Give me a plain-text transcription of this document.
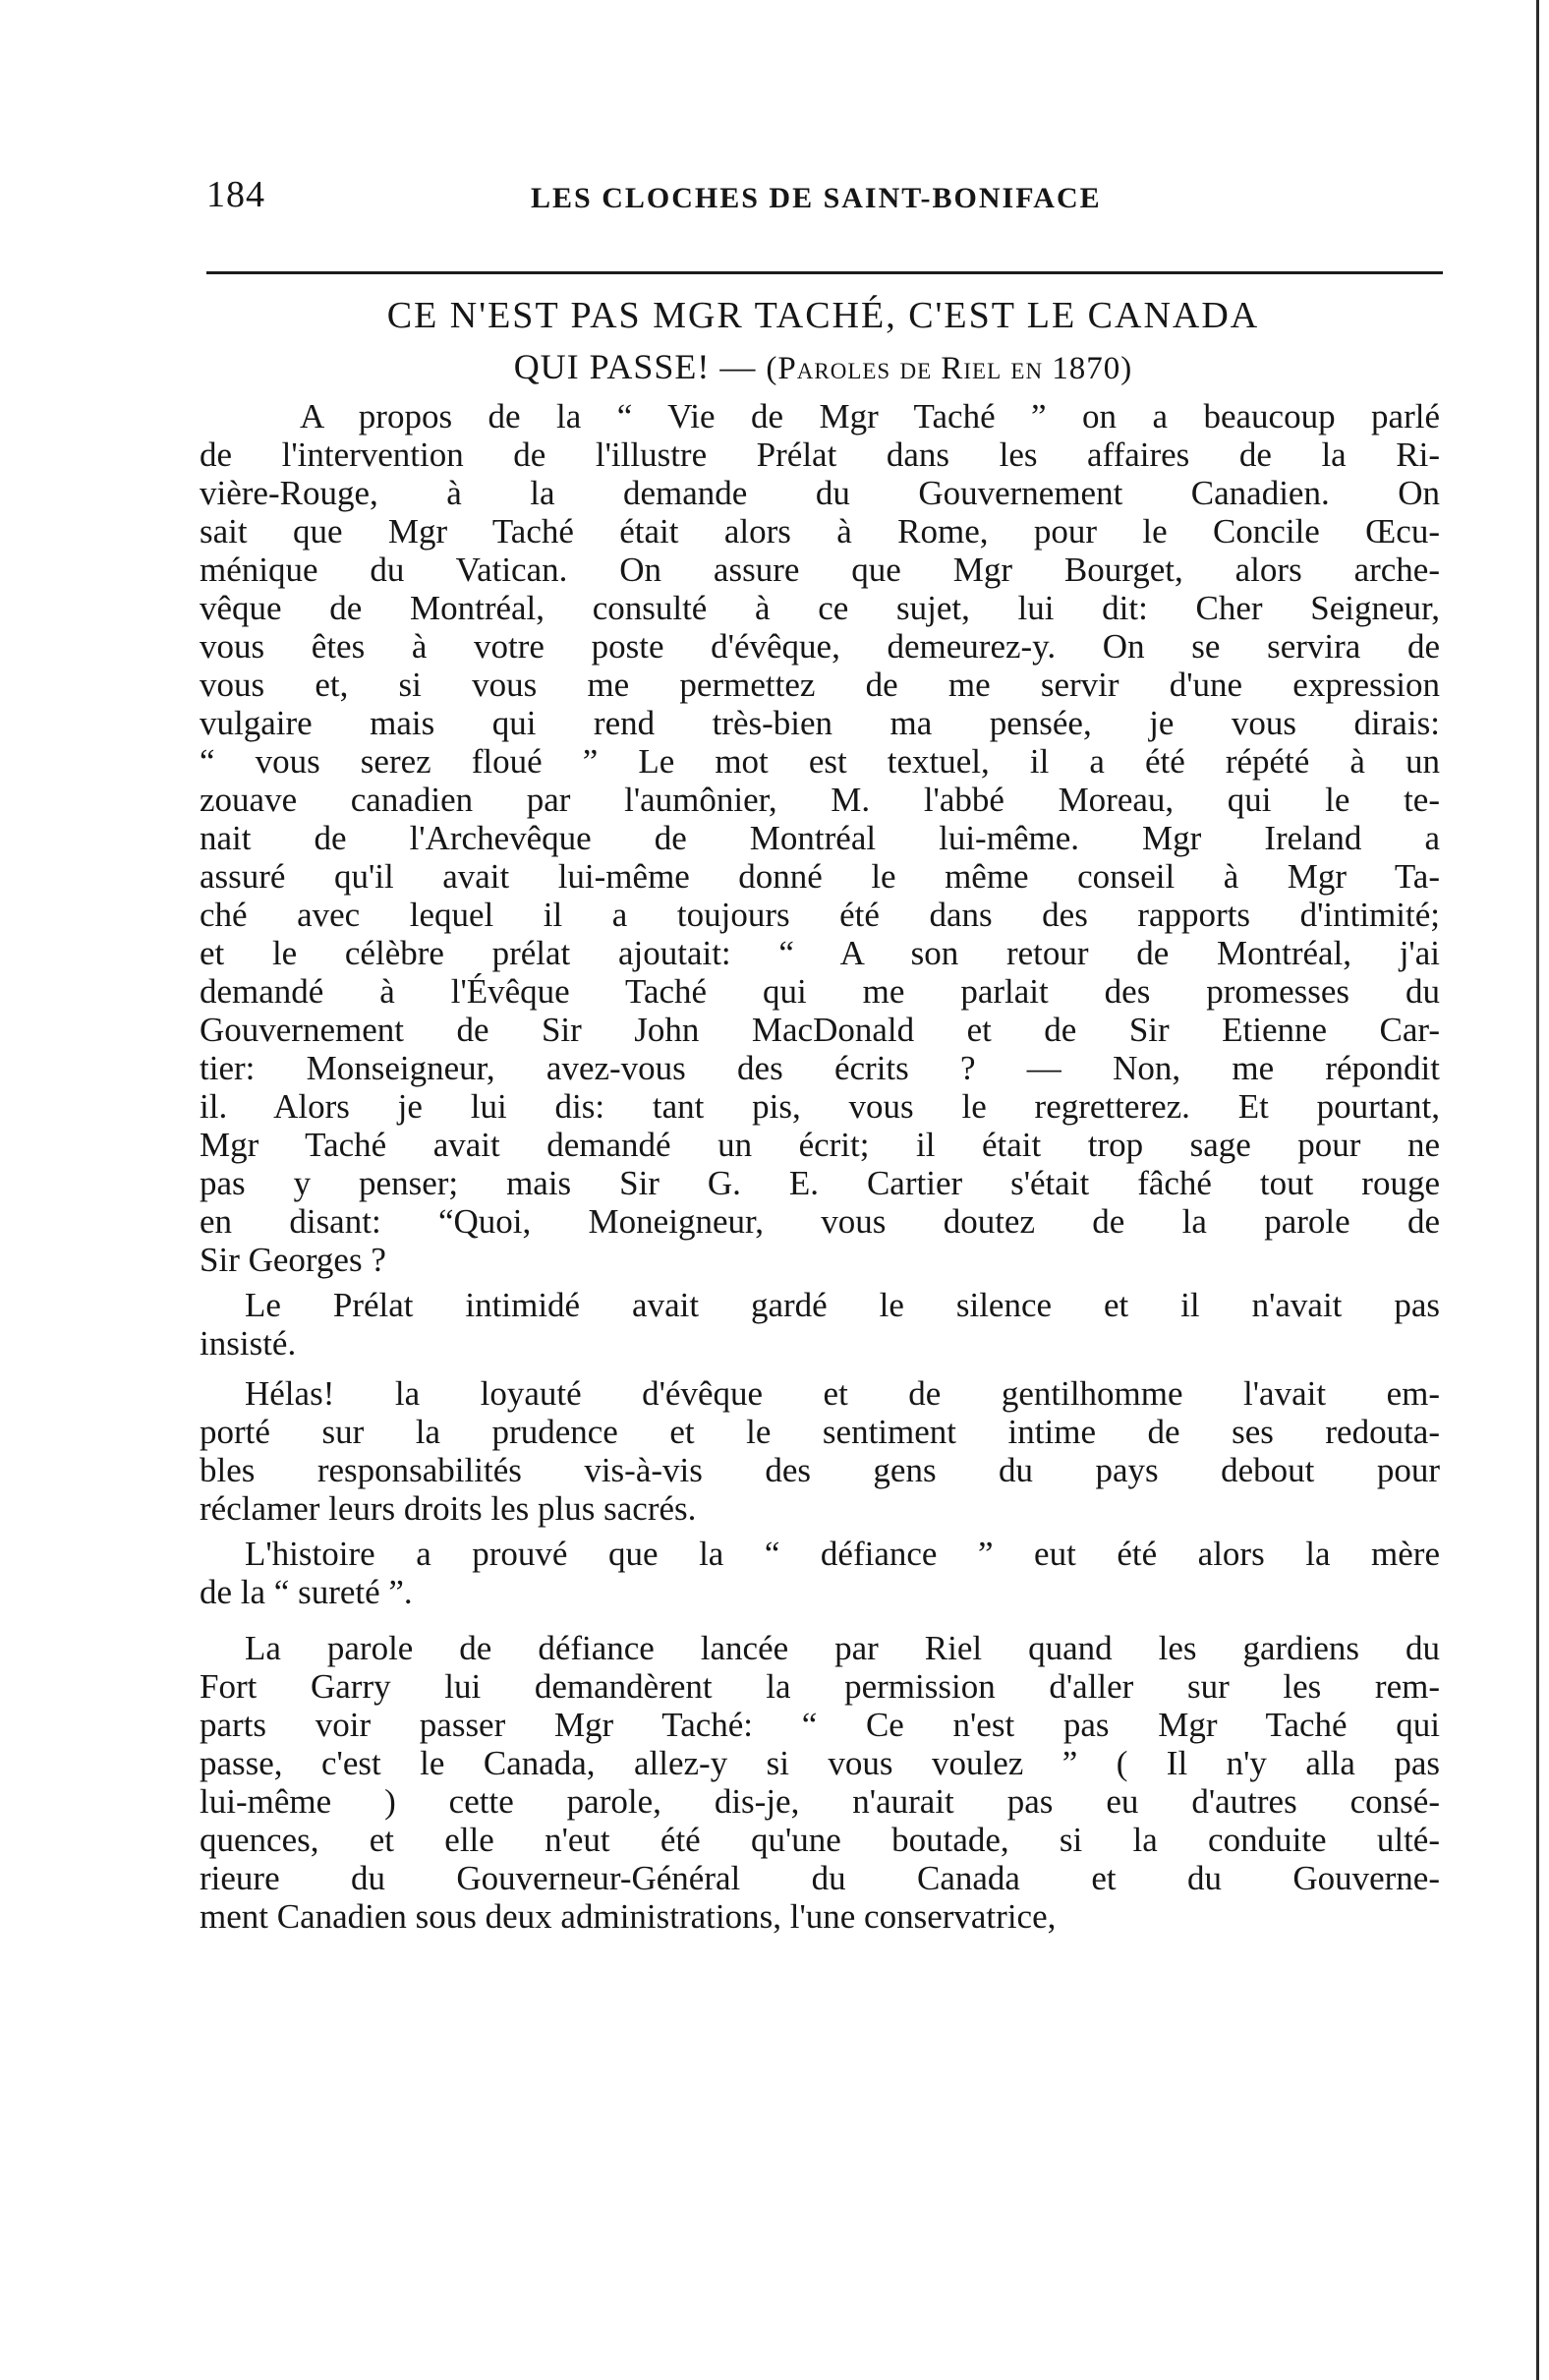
184	LES CLOCHES DE SAINT-BONIFACE
CE N'EST PAS MGR TACHÉ, C'EST LE CANADA
QUI PASSE! — (Paroles de Riel en 1870)
A propos de la “ Vie de Mgr Taché ” on a beaucoup parlé
de l'intervention de l'illustre Prélat dans les affaires de la Ri-
vière-Rouge, à la demande du Gouvernement Canadien. On
sait que Mgr Taché était alors à Rome, pour le Concile Œcu-
ménique du Vatican. On assure que Mgr Bourget, alors arche-
vêque de Montréal, consulté à ce sujet, lui dit: Cher Seigneur,
vous êtes à votre poste d'évêque, demeurez-y. On se servira de
vous et, si vous me permettez de me servir d'une expression
vulgaire mais qui rend très-bien ma pensée, je vous dirais:
“ vous serez floué ” Le mot est textuel, il a été répété à un
zouave canadien par l'aumônier, M. l'abbé Moreau, qui le te-
nait de l'Archevêque de Montréal lui-même. Mgr Ireland a
assuré qu'il avait lui-même donné le même conseil à Mgr Ta-
ché avec lequel il a toujours été dans des rapports d'intimité;
et le célèbre prélat ajoutait: “ A son retour de Montréal, j'ai
demandé à l'Évêque Taché qui me parlait des promesses du
Gouvernement de Sir John MacDonald et de Sir Etienne Car-
tier: Monseigneur, avez-vous des écrits ? — Non, me répondit
il. Alors je lui dis: tant pis, vous le regretterez. Et pourtant,
Mgr Taché avait demandé un écrit; il était trop sage pour ne
pas y penser; mais Sir G. E. Cartier s'était fâché tout rouge
en disant: “Quoi, Moneigneur, vous doutez de la parole de
Sir Georges ?
Le Prélat intimidé avait gardé le silence et il n'avait pas
insisté.
Hélas! la loyauté d'évêque et de gentilhomme l'avait em-
porté sur la prudence et le sentiment intime de ses redouta-
bles responsabilités vis-à-vis des gens du pays debout pour
réclamer leurs droits les plus sacrés.
L'histoire a prouvé que la “ défiance ” eut été alors la mère
de la “ sureté ”.
La parole de défiance lancée par Riel quand les gardiens du
Fort Garry lui demandèrent la permission d'aller sur les rem-
parts voir passer Mgr Taché: “ Ce n'est pas Mgr Taché qui
passe, c'est le Canada, allez-y si vous voulez ” ( Il n'y alla pas
lui-même ) cette parole, dis-je, n'aurait pas eu d'autres consé-
quences, et elle n'eut été qu'une boutade, si la conduite ulté-
rieure du Gouverneur-Général du Canada et du Gouverne-
ment Canadien sous deux administrations, l'une conservatrice,
